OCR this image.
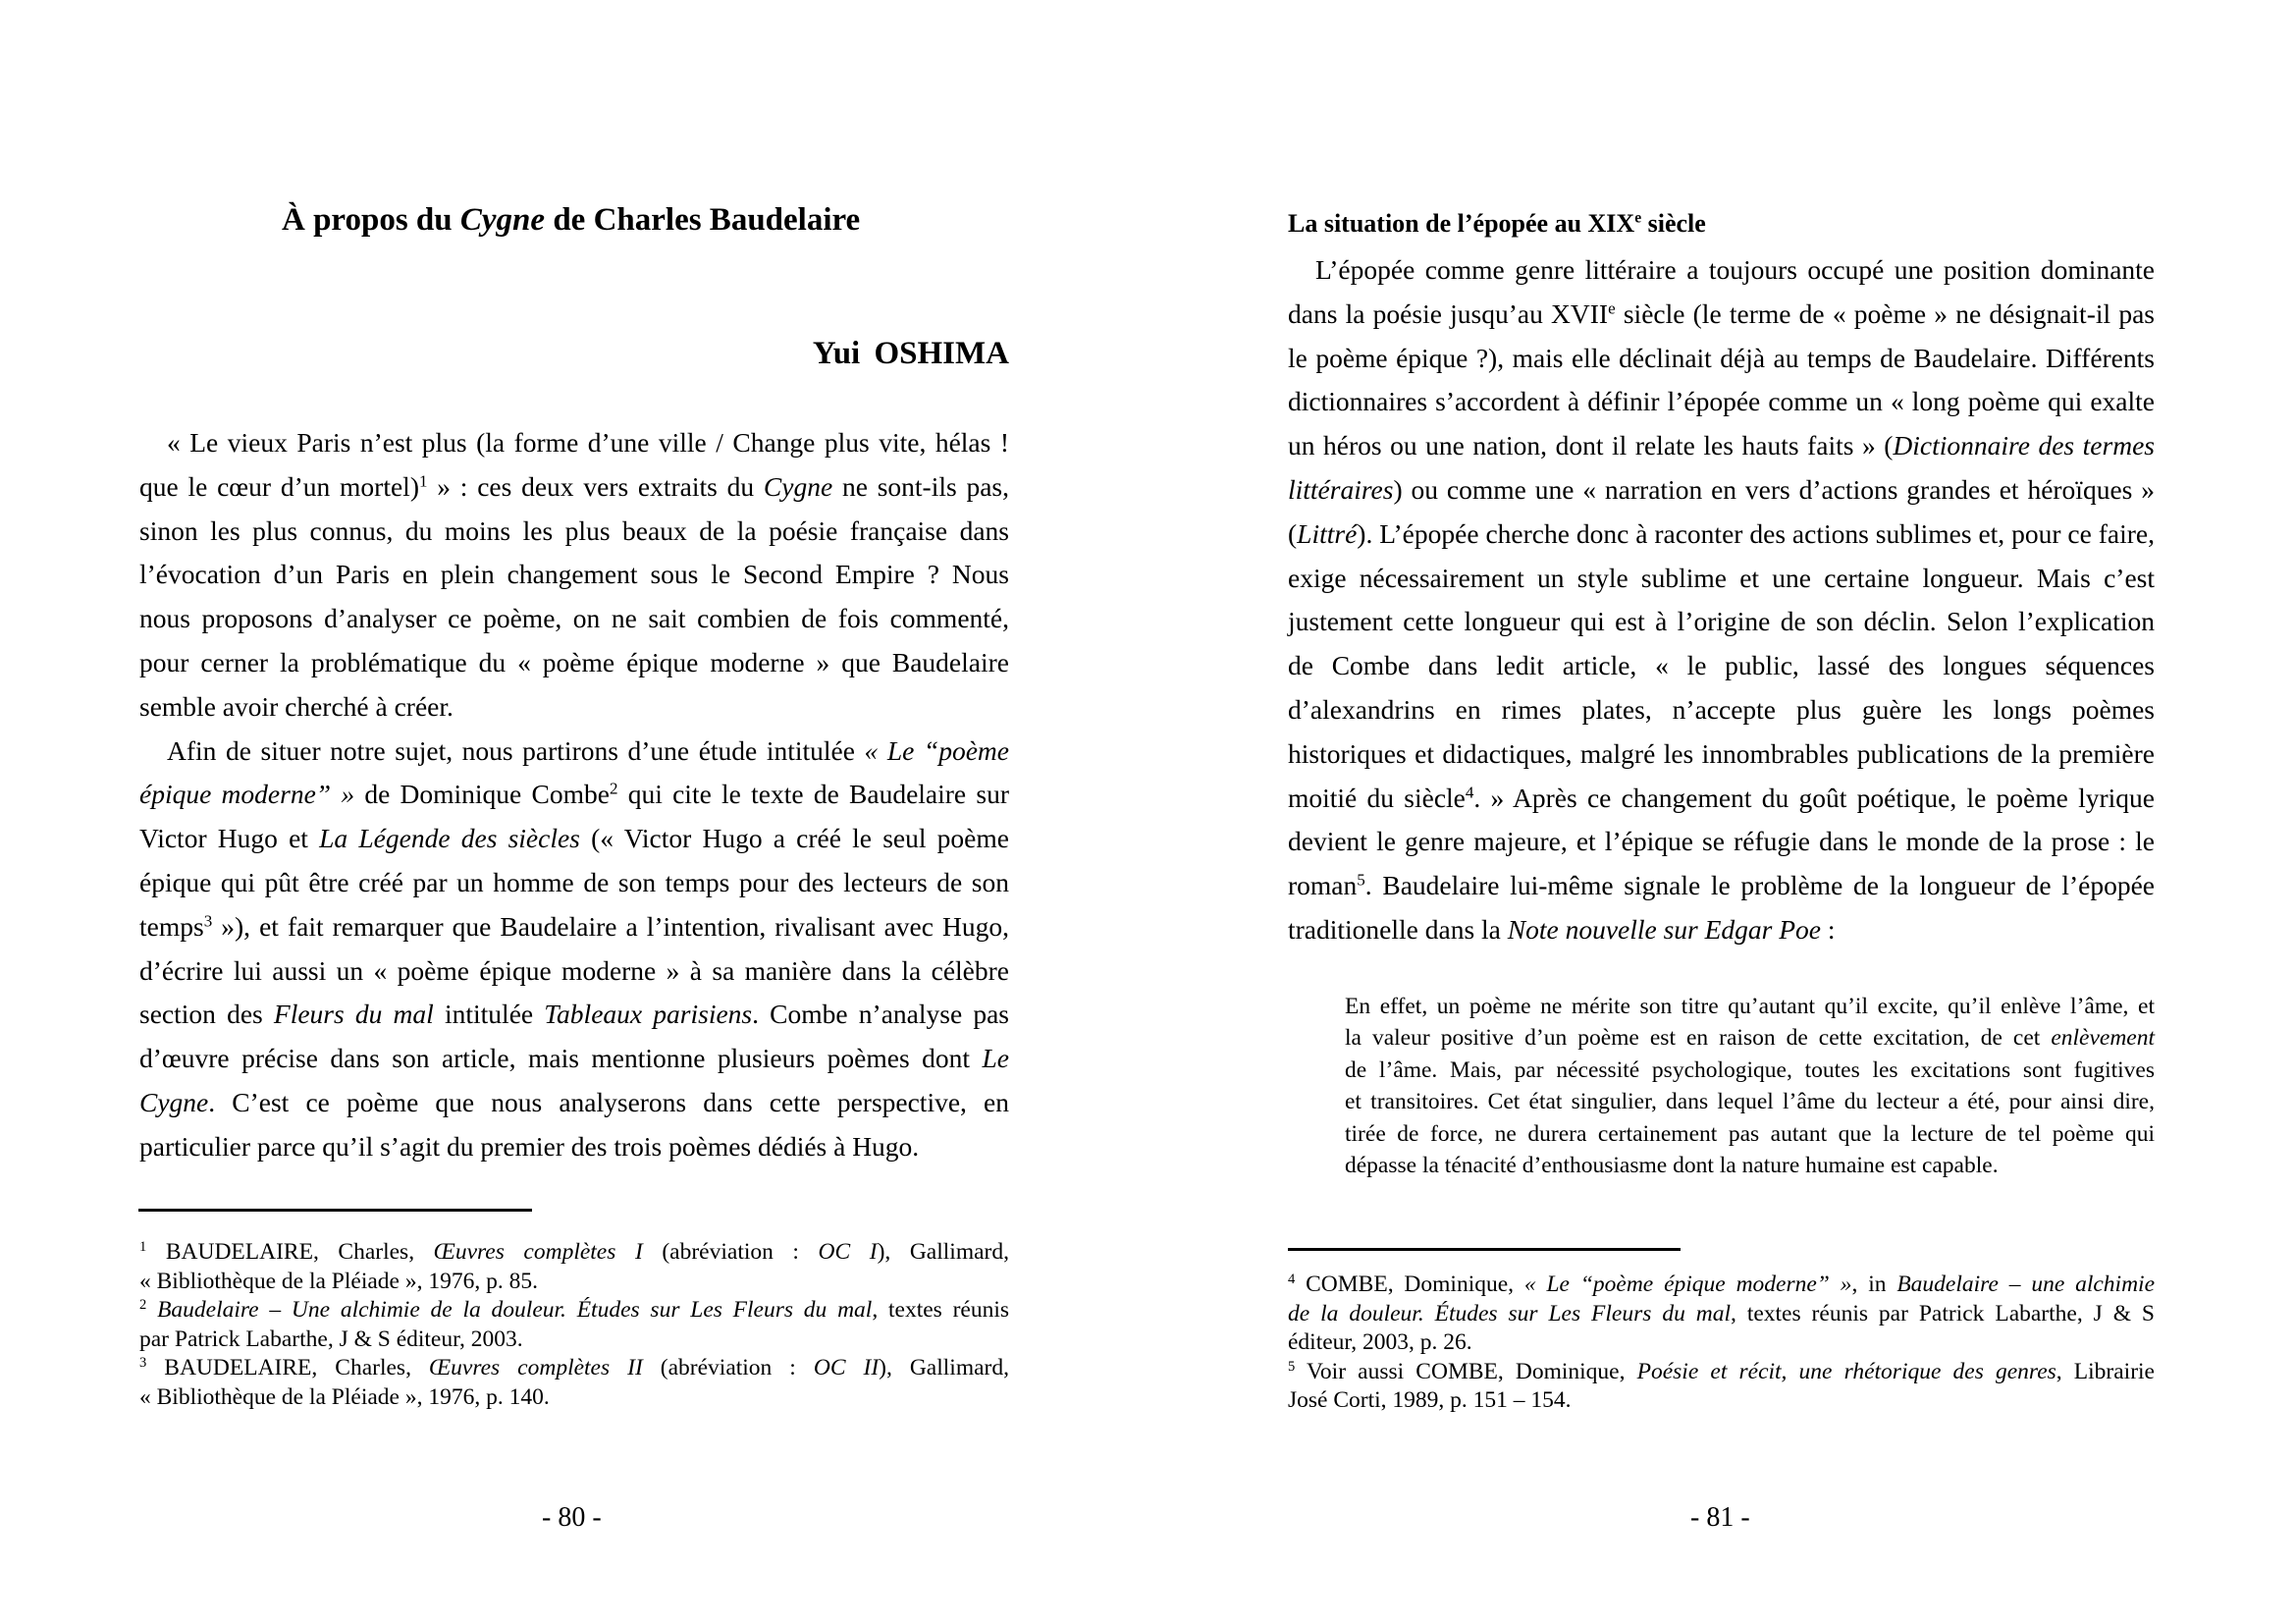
À propos du Cygne de Charles Baudelaire
Yui OSHIMA
« Le vieux Paris n’est plus (la forme d’une ville / Change plus vite, hélas !
que le cœur d’un mortel)$^1$ » : ces deux vers extraits du Cygne ne sont-ils pas,
sinon les plus connus, du moins les plus beaux de la poésie française dans
l’évocation d’un Paris en plein changement sous le Second Empire ? Nous
nous proposons d’analyser ce poème, on ne sait combien de fois commenté,
pour cerner la problématique du « poème épique moderne » que Baudelaire
semble avoir cherché à créer.
Afin de situer notre sujet, nous partirons d’une étude intitulée « Le “poème
épique moderne” » de Dominique Combe$^2$ qui cite le texte de Baudelaire sur
Victor Hugo et La Légende des siècles (« Victor Hugo a créé le seul poème
épique qui pût être créé par un homme de son temps pour des lecteurs de son
temps$^3$ »), et fait remarquer que Baudelaire a l’intention, rivalisant avec Hugo,
d’écrire lui aussi un « poème épique moderne » à sa manière dans la célèbre
section des Fleurs du mal intitulée Tableaux parisiens. Combe n’analyse pas
d’œuvre précise dans son article, mais mentionne plusieurs poèmes dont Le
Cygne. C’est ce poème que nous analyserons dans cette perspective, en
particulier parce qu’il s’agit du premier des trois poèmes dédiés à Hugo.
$^1$ BAUDELAIRE, Charles, Œuvres complètes I (abréviation : OC I), Gallimard,
« Bibliothèque de la Pléiade », 1976, p. 85.
$^2$ Baudelaire – Une alchimie de la douleur. Études sur Les Fleurs du mal, textes réunis
par Patrick Labarthe, J & S éditeur, 2003.
$^3$ BAUDELAIRE, Charles, Œuvres complètes II (abréviation : OC II), Gallimard,
« Bibliothèque de la Pléiade », 1976, p. 140.
- 80 -
La situation de l’épopée au XIXe siècle
L’épopée comme genre littéraire a toujours occupé une position dominante
dans la poésie jusqu’au XVIIe siècle (le terme de « poème » ne désignait-il pas
le poème épique ?), mais elle déclinait déjà au temps de Baudelaire. Différents
dictionnaires s’accordent à définir l’épopée comme un « long poème qui exalte
un héros ou une nation, dont il relate les hauts faits » (Dictionnaire des termes
littéraires) ou comme une « narration en vers d’actions grandes et héroïques »
(Littré). L’épopée cherche donc à raconter des actions sublimes et, pour ce faire,
exige nécessairement un style sublime et une certaine longueur. Mais c’est
justement cette longueur qui est à l’origine de son déclin. Selon l’explication
de Combe dans ledit article, « le public, lassé des longues séquences
d’alexandrins en rimes plates, n’accepte plus guère les longs poèmes
historiques et didactiques, malgré les innombrables publications de la première
moitié du siècle$^4$. » Après ce changement du goût poétique, le poème lyrique
devient le genre majeure, et l’épique se réfugie dans le monde de la prose : le
roman$^5$. Baudelaire lui-même signale le problème de la longueur de l’épopée
traditionelle dans la Note nouvelle sur Edgar Poe :
En effet, un poème ne mérite son titre qu’autant qu’il excite, qu’il enlève l’âme, et
la valeur positive d’un poème est en raison de cette excitation, de cet enlèvement
de l’âme. Mais, par nécessité psychologique, toutes les excitations sont fugitives
et transitoires. Cet état singulier, dans lequel l’âme du lecteur a été, pour ainsi dire,
tirée de force, ne durera certainement pas autant que la lecture de tel poème qui
dépasse la ténacité d’enthousiasme dont la nature humaine est capable.
$^4$ COMBE, Dominique, « Le “poème épique moderne” », in Baudelaire – une alchimie
de la douleur. Études sur Les Fleurs du mal, textes réunis par Patrick Labarthe, J & S
éditeur, 2003, p. 26.
$^5$ Voir aussi COMBE, Dominique, Poésie et récit, une rhétorique des genres, Librairie
José Corti, 1989, p. 151 – 154.
- 81 -
